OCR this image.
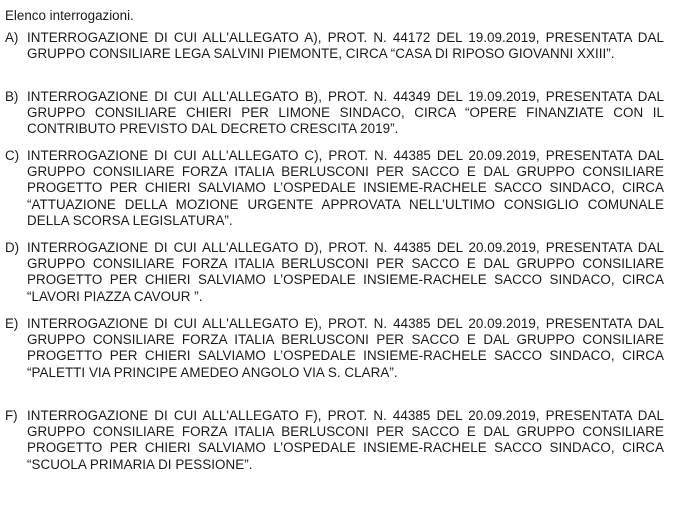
Elenco interrogazioni.
A) INTERROGAZIONE DI CUI ALL'ALLEGATO A), PROT. N. 44172 DEL 19.09.2019, PRESENTATA DAL GRUPPO CONSILIARE LEGA SALVINI PIEMONTE, CIRCA “CASA DI RIPOSO GIOVANNI XXIII”.
B) INTERROGAZIONE DI CUI ALL'ALLEGATO B), PROT. N. 44349 DEL 19.09.2019, PRESENTATA DAL GRUPPO CONSILIARE CHIERI PER LIMONE SINDACO, CIRCA “OPERE FINANZIATE CON IL CONTRIBUTO PREVISTO DAL DECRETO CRESCITA 2019”.
C) INTERROGAZIONE DI CUI ALL'ALLEGATO C), PROT. N. 44385 DEL 20.09.2019, PRESENTATA DAL GRUPPO CONSILIARE FORZA ITALIA BERLUSCONI PER SACCO E DAL GRUPPO CONSILIARE PROGETTO PER CHIERI SALVIAMO L’OSPEDALE INSIEME-RACHELE SACCO SINDACO, CIRCA “ATTUAZIONE DELLA MOZIONE URGENTE APPROVATA NELL’ULTIMO CONSIGLIO COMUNALE DELLA SCORSA LEGISLATURA”.
D) INTERROGAZIONE DI CUI ALL'ALLEGATO D), PROT. N. 44385 DEL 20.09.2019, PRESENTATA DAL GRUPPO CONSILIARE FORZA ITALIA BERLUSCONI PER SACCO E DAL GRUPPO CONSILIARE PROGETTO PER CHIERI SALVIAMO L’OSPEDALE INSIEME-RACHELE SACCO SINDACO, CIRCA “LAVORI PIAZZA CAVOUR ”.
E) INTERROGAZIONE DI CUI ALL'ALLEGATO E), PROT. N. 44385 DEL 20.09.2019, PRESENTATA DAL GRUPPO CONSILIARE FORZA ITALIA BERLUSCONI PER SACCO E DAL GRUPPO CONSILIARE PROGETTO PER CHIERI SALVIAMO L’OSPEDALE INSIEME-RACHELE SACCO SINDACO, CIRCA “PALETTI VIA PRINCIPE AMEDEO ANGOLO VIA S. CLARA”.
F) INTERROGAZIONE DI CUI ALL'ALLEGATO F), PROT. N. 44385 DEL 20.09.2019, PRESENTATA DAL GRUPPO CONSILIARE FORZA ITALIA BERLUSCONI PER SACCO E DAL GRUPPO CONSILIARE PROGETTO PER CHIERI SALVIAMO L’OSPEDALE INSIEME-RACHELE SACCO SINDACO, CIRCA “SCUOLA PRIMARIA DI PESSIONE”.
